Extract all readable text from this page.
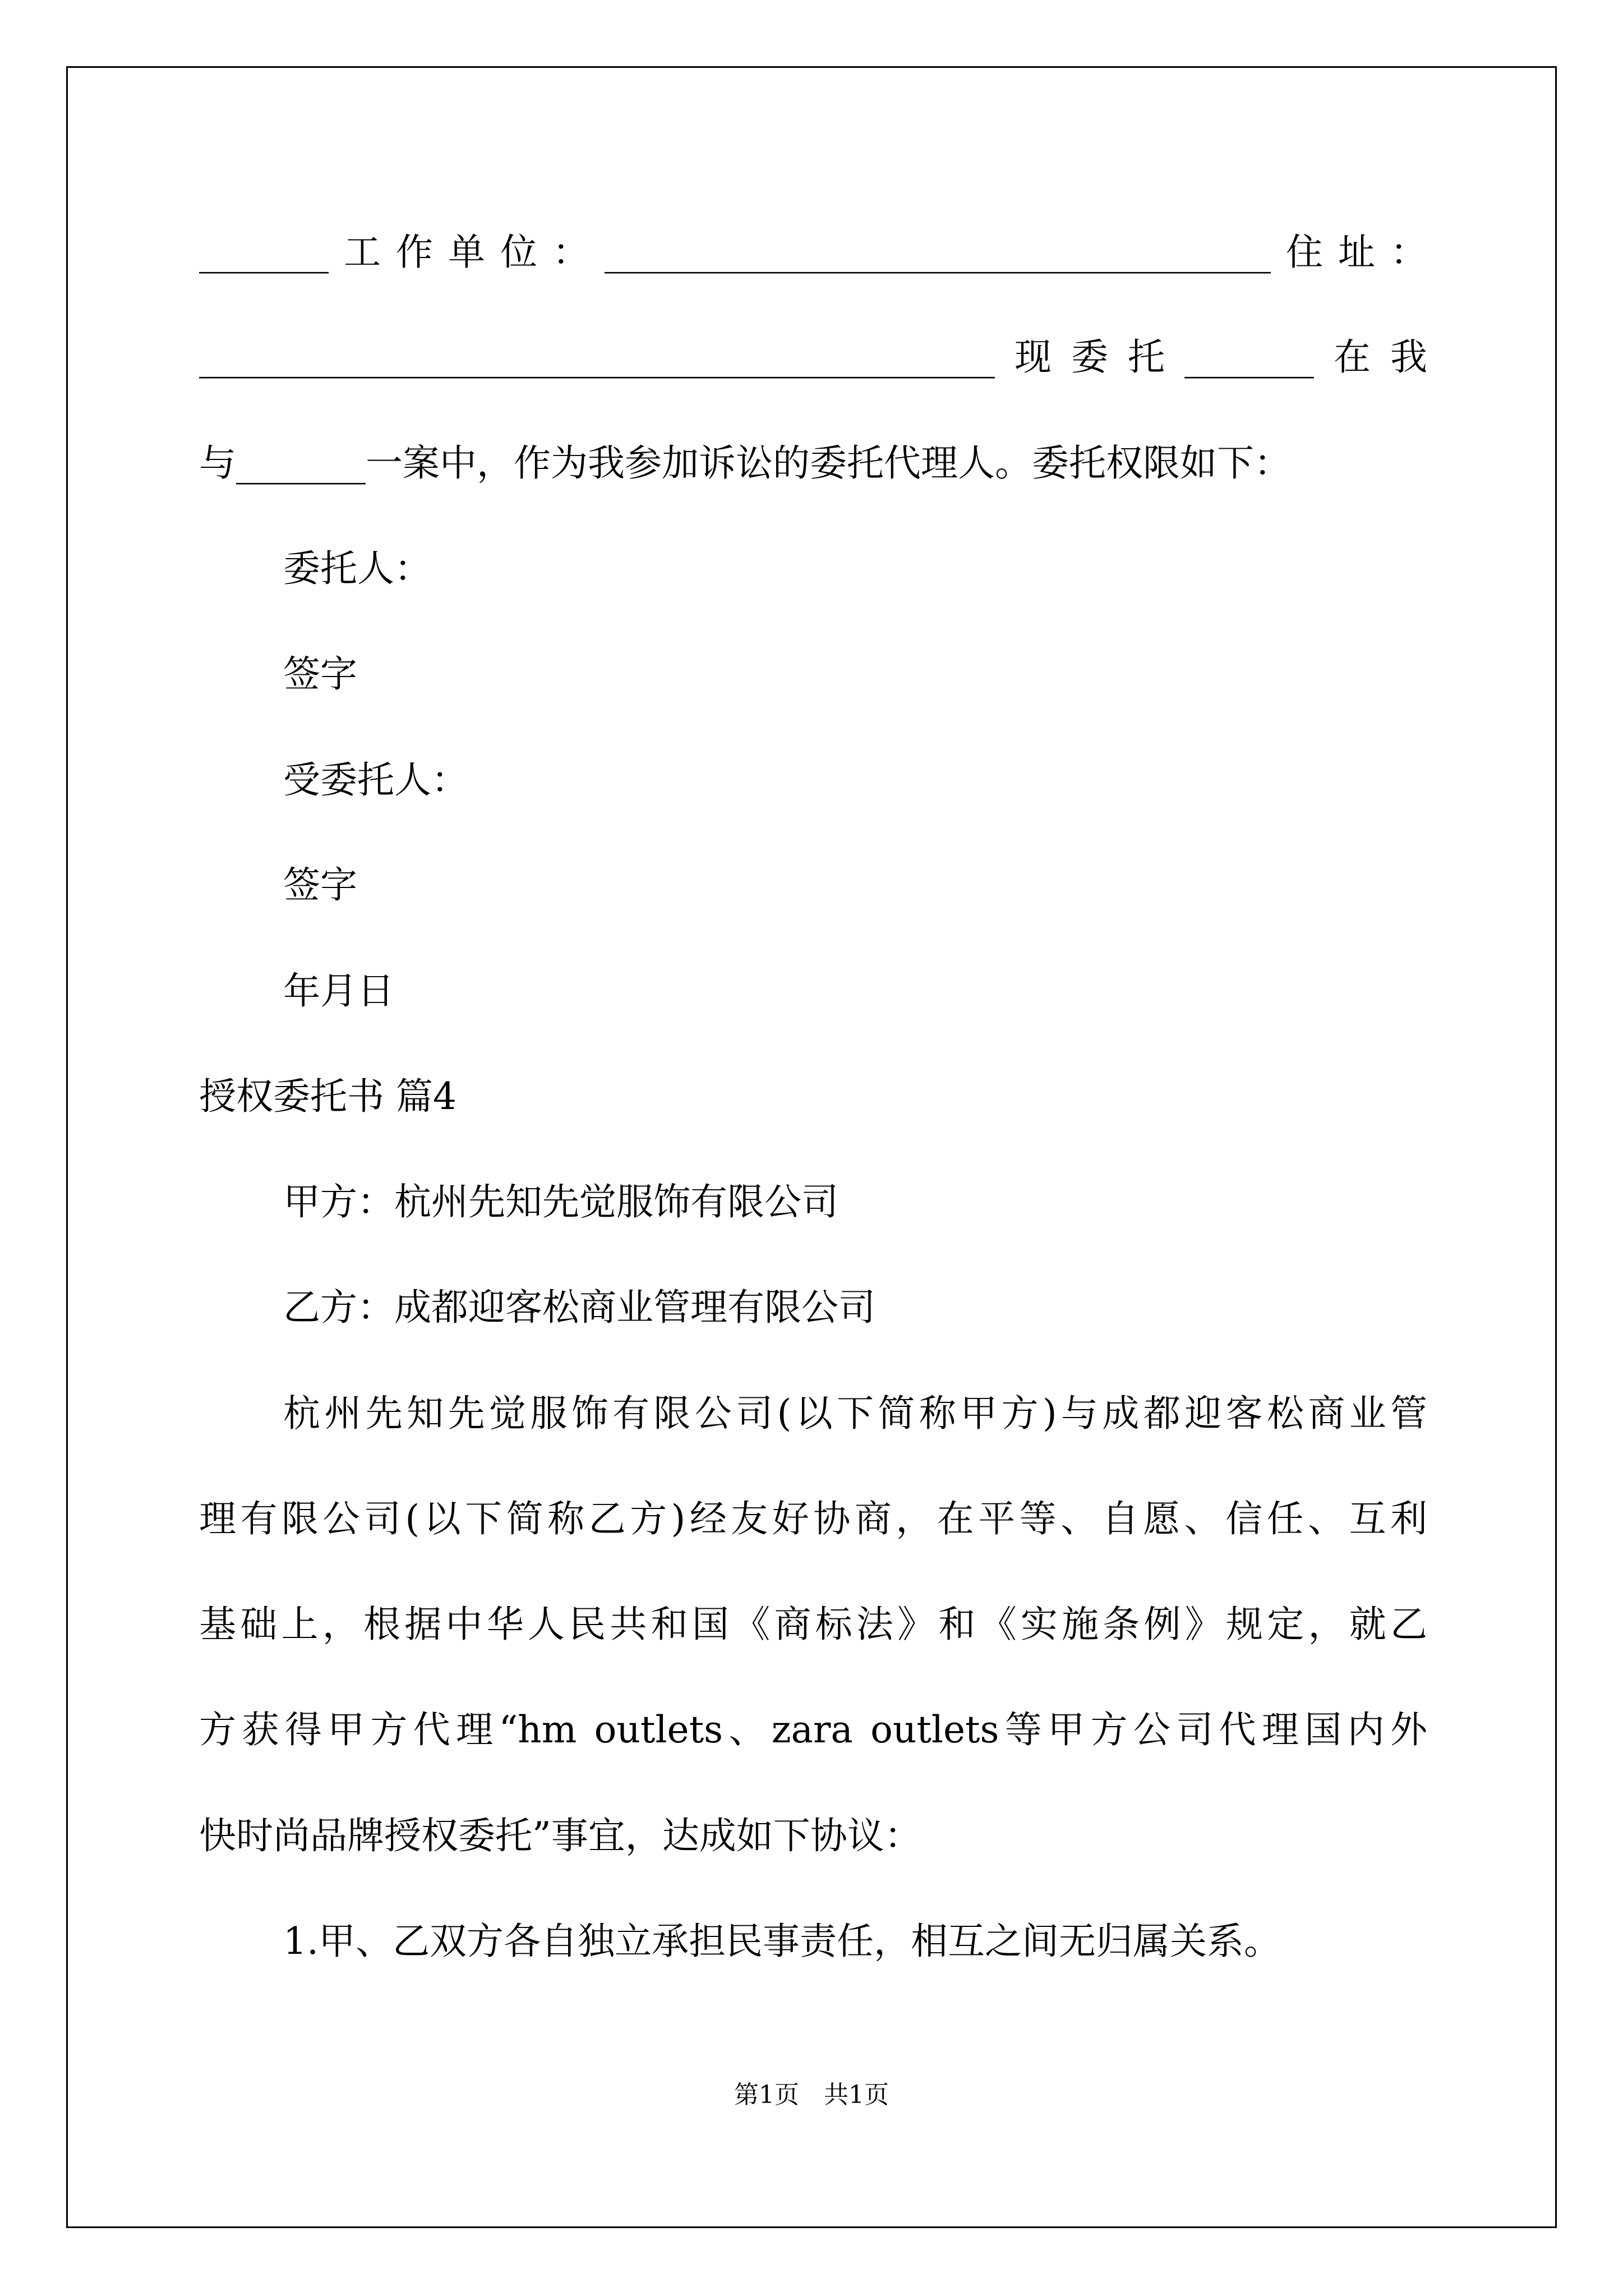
_______工作单位：____________________________________住址：
___________________________________________现委托_______在我
与_______一案中，作为我参加诉讼的委托代理人。委托权限如下：
委托人：
签字
受委托人：
签字
年月日
授权委托书 篇4
甲方：杭州先知先觉服饰有限公司
乙方：成都迎客松商业管理有限公司
杭州先知先觉服饰有限公司(以下简称甲方)与成都迎客松商业管
理有限公司(以下简称乙方)经友好协商，在平等、自愿、信任、互利
基础上，根据中华人民共和国《商标法》和《实施条例》规定，就乙
方获得甲方代理“hm outlets、zara outlets等甲方公司代理国内外
快时尚品牌授权委托”事宜，达成如下协议：
1.甲、乙双方各自独立承担民事责任，相互之间无归属关系。
第1页　共1页
